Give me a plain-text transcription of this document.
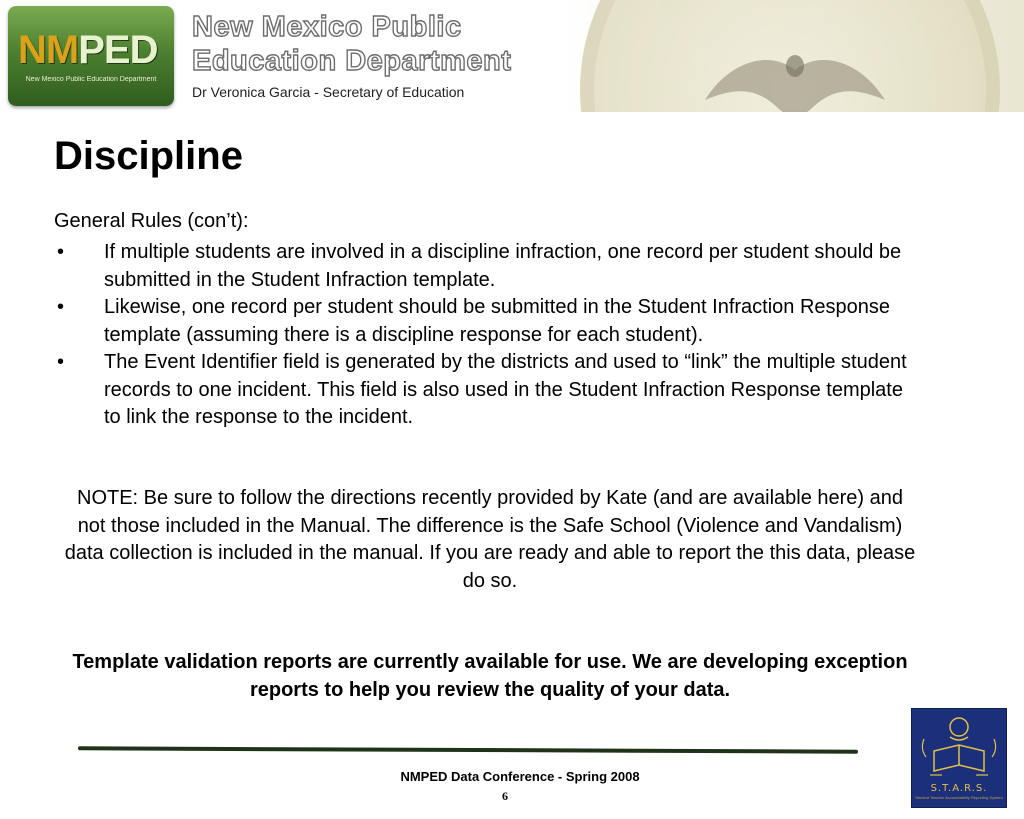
NMPED
New Mexico Public Education Department
New Mexico Public
Education Department
Dr Veronica Garcia - Secretary of Education
Discipline
General Rules (con’t):
• If multiple students are involved in a discipline infraction, one record per student should be submitted in the Student Infraction template.
• Likewise, one record per student should be submitted in the Student Infraction Response template (assuming there is a discipline response for each student).
• The Event Identifier field is generated by the districts and used to “link” the multiple student records to one incident. This field is also used in the Student Infraction Response template to link the response to the incident.
NOTE: Be sure to follow the directions recently provided by Kate (and are available here) and not those included in the Manual. The difference is the Safe School (Violence and Vandalism) data collection is included in the manual. If you are ready and able to report the this data, please do so.
Template validation reports are currently available for use. We are developing exception reports to help you review the quality of your data.
NMPED Data Conference - Spring 2008
6
S.T.A.R.S.
Student Teacher Accountability Reporting System
